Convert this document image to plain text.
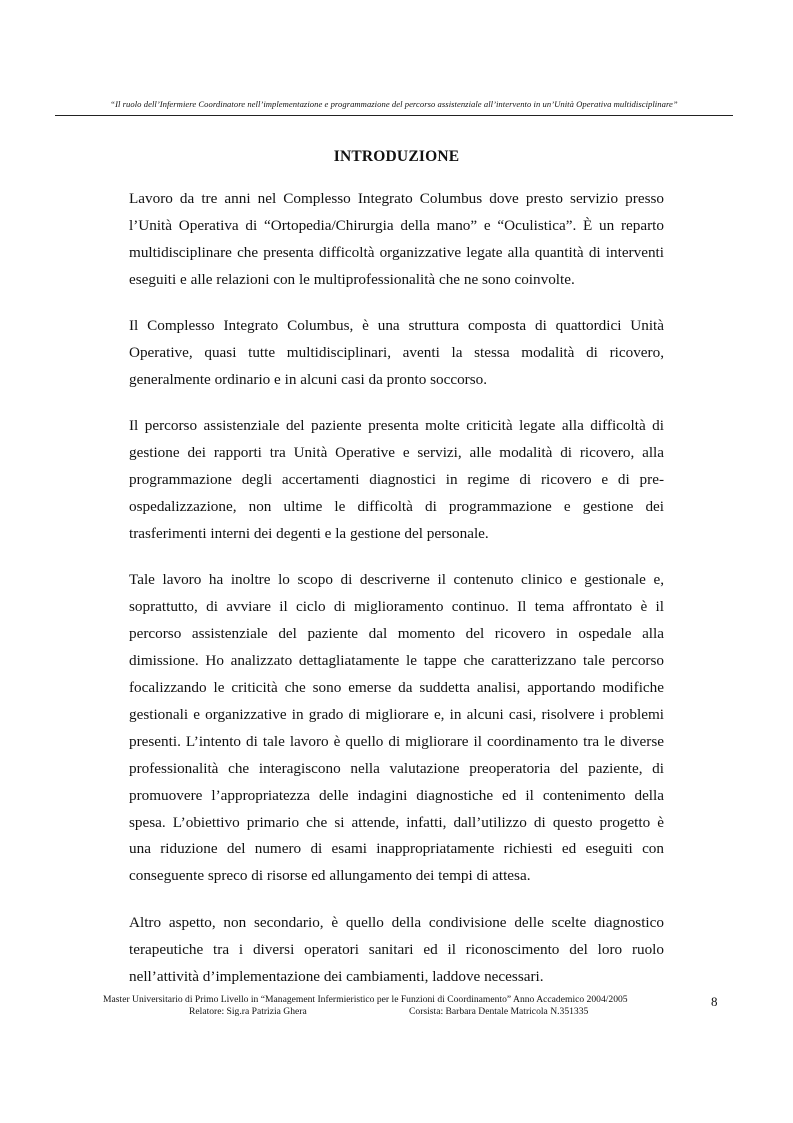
“Il ruolo dell’Infermiere Coordinatore nell’implementazione e programmazione del percorso assistenziale all’intervento in un’Unità Operativa multidisciplinare”
INTRODUZIONE

Lavoro da tre anni nel Complesso Integrato Columbus dove presto servizio presso
l’Unità Operativa di “Ortopedia/Chirurgia della mano” e “Oculistica”. È un reparto
multidisciplinare che presenta difficoltà organizzative legate alla quantità di interventi
eseguiti e alle relazioni con le multiprofessionalità che ne sono coinvolte.

Il Complesso Integrato Columbus, è una struttura composta di quattordici Unità
Operative, quasi tutte multidisciplinari, aventi la stessa modalità di ricovero,
generalmente ordinario e in alcuni casi da pronto soccorso.

Il percorso assistenziale del paziente presenta molte criticità legate alla difficoltà di
gestione dei rapporti tra Unità Operative e servizi, alle modalità di ricovero, alla
programmazione degli accertamenti diagnostici in regime di ricovero e di pre-
ospedalizzazione, non ultime le difficoltà di programmazione e gestione dei
trasferimenti interni dei degenti e la gestione del personale.

Tale lavoro ha inoltre lo scopo di descriverne il contenuto clinico e gestionale e,
soprattutto, di avviare il ciclo di miglioramento continuo. Il tema affrontato è il
percorso assistenziale del paziente dal momento del ricovero in ospedale alla
dimissione. Ho analizzato dettagliatamente le tappe che caratterizzano tale percorso
focalizzando le criticità che sono emerse da suddetta analisi, apportando modifiche
gestionali e organizzative in grado di migliorare e, in alcuni casi, risolvere i problemi
presenti. L’intento di tale lavoro è quello di migliorare il coordinamento tra le diverse
professionalità che interagiscono nella valutazione preoperatoria del paziente, di
promuovere l’appropriatezza delle indagini diagnostiche ed il contenimento della
spesa. L’obiettivo primario che si attende, infatti, dall’utilizzo di questo progetto è
una riduzione del numero di esami inappropriatamente richiesti ed eseguiti con
conseguente spreco di risorse ed allungamento dei tempi di attesa.

Altro aspetto, non secondario, è quello della condivisione delle scelte diagnostico
terapeutiche tra i diversi operatori sanitari ed il riconoscimento del loro ruolo
nell’attività d’implementazione dei cambiamenti, laddove necessari.

Master Universitario di Primo Livello in “Management Infermieristico per le Funzioni di Coordinamento” Anno Accademico 2004/2005
Relatore: Sig.ra Patrizia Ghera	Corsista: Barbara Dentale Matricola N.351335
8
